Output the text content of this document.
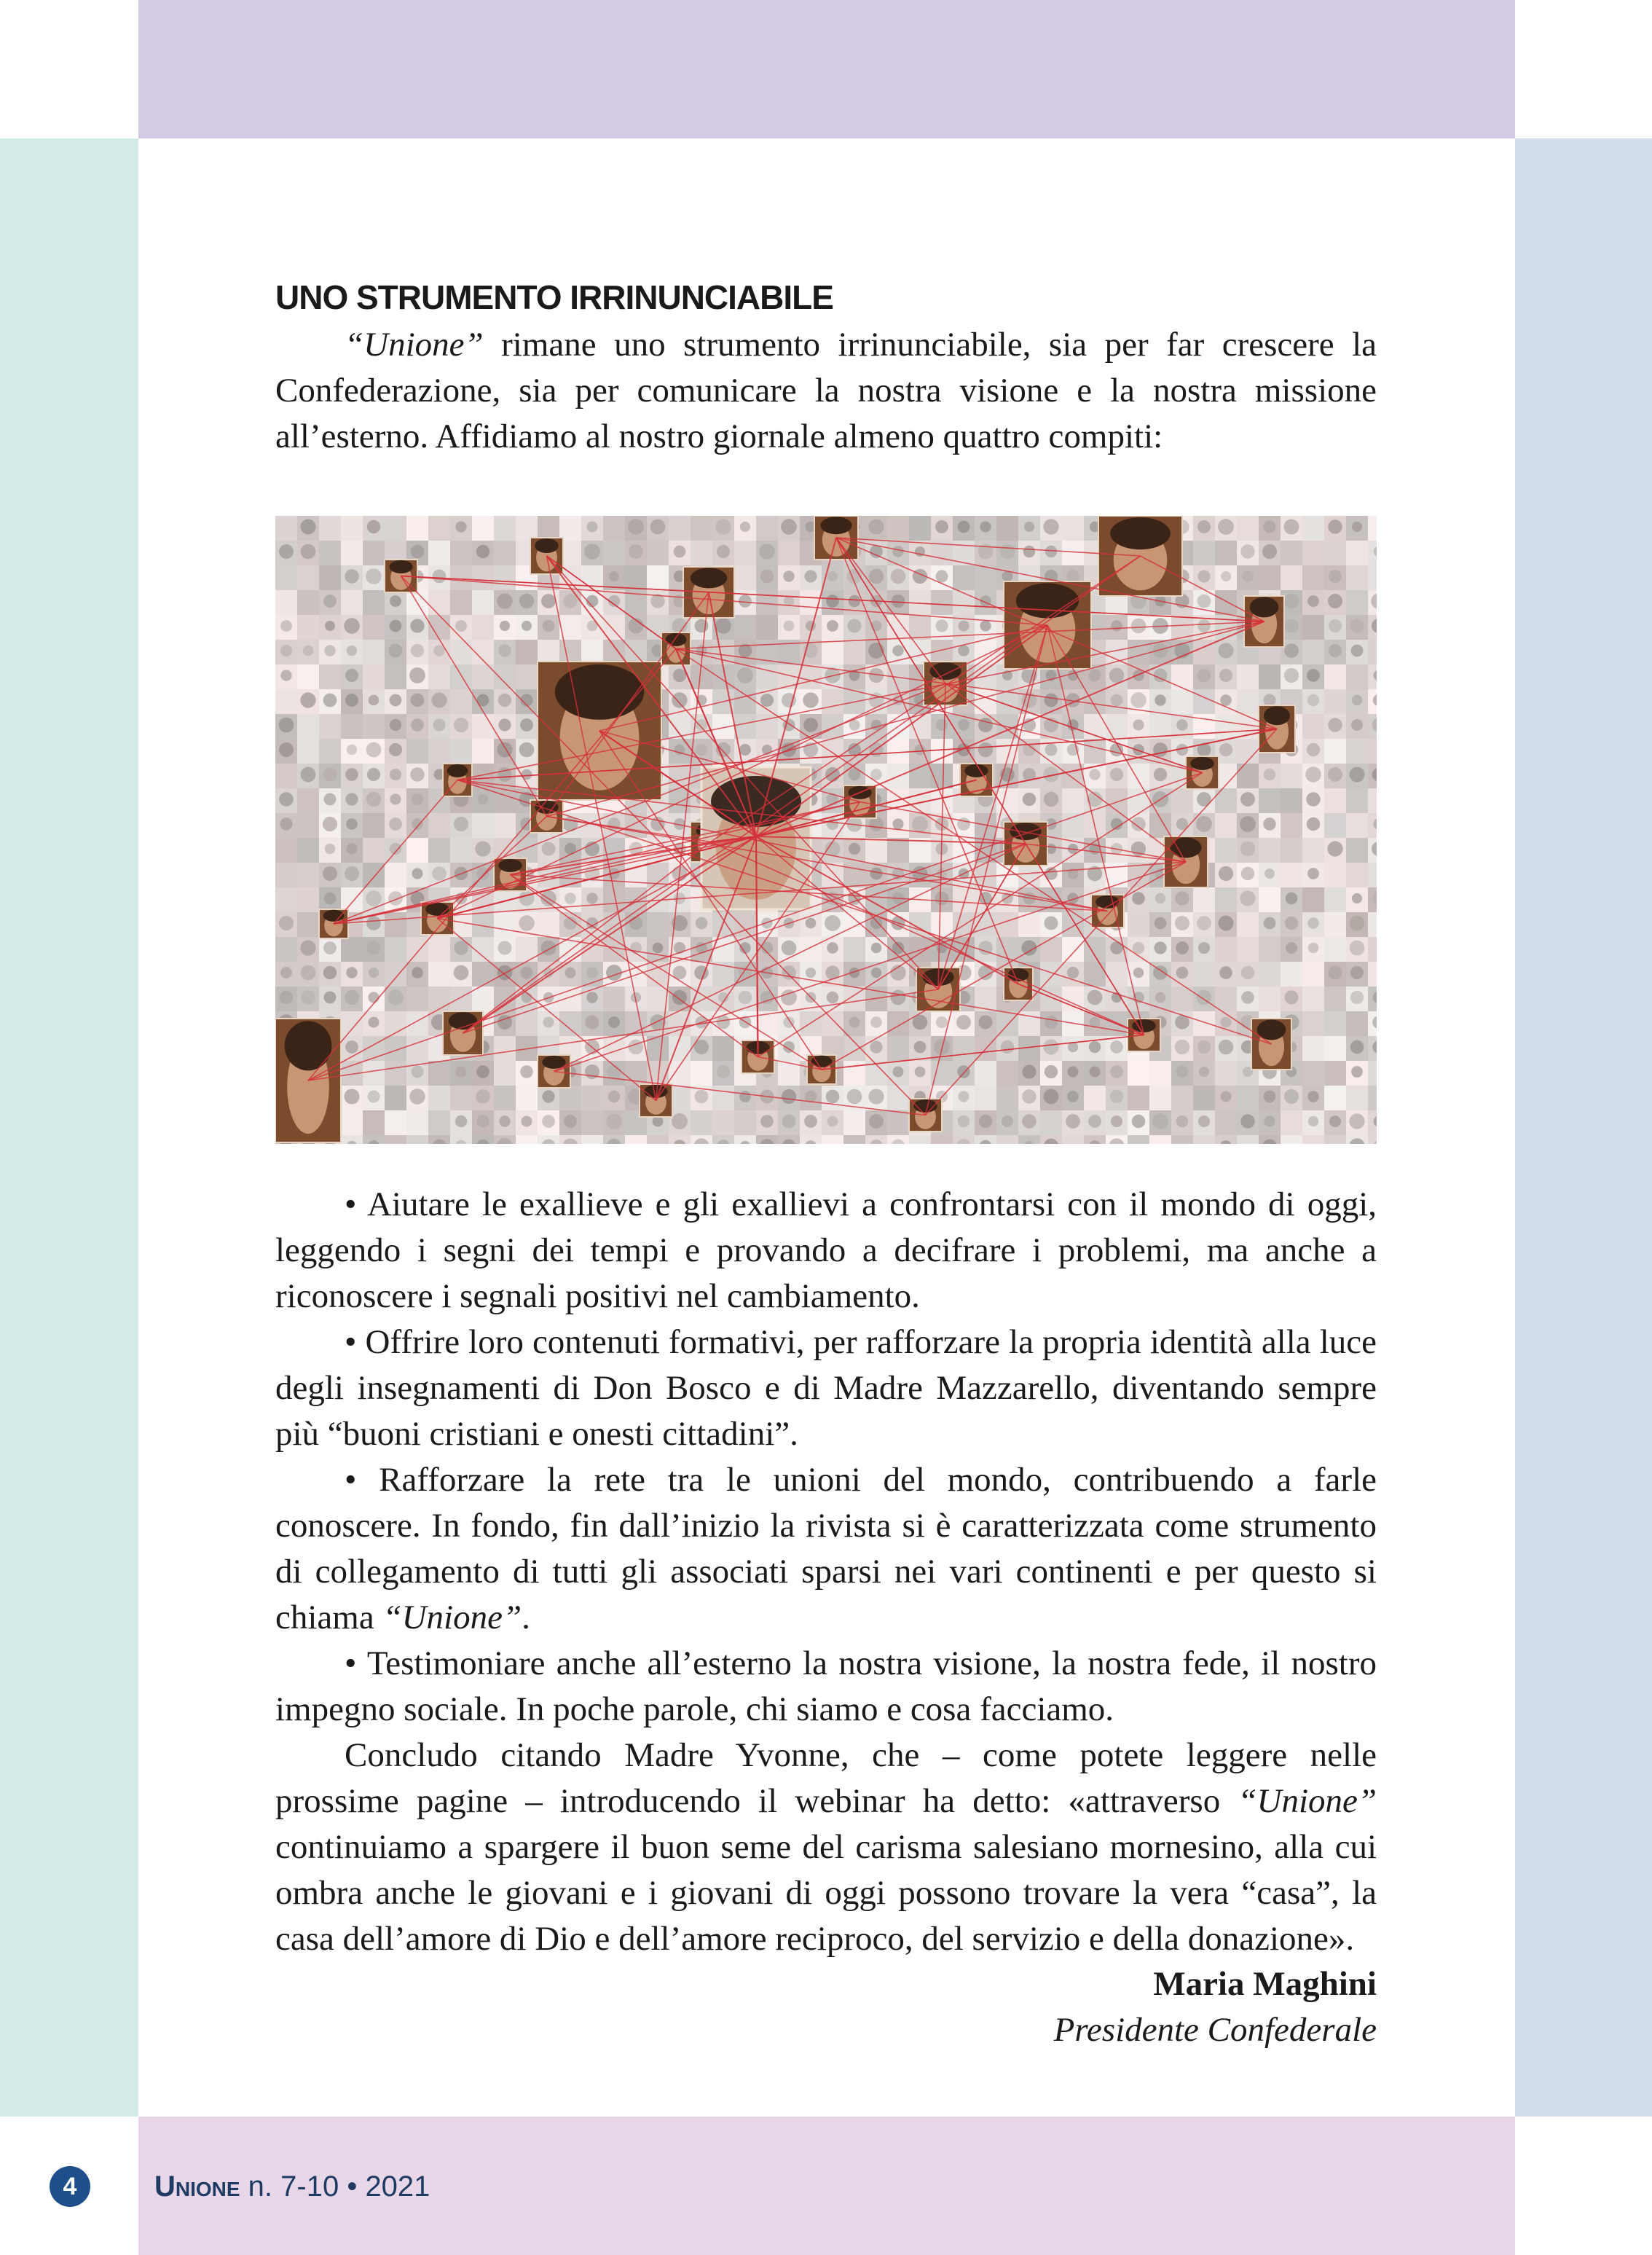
UNO STRUMENTO IRRINUNCIABILE

“Unione” rimane uno strumento irrinunciabile, sia per far crescere la Confederazione, sia per comunicare la nostra visione e la nostra missione all’esterno. Affidiamo al nostro giornale almeno quattro compiti:

• Aiutare le exallieve e gli exallievi a confrontarsi con il mondo di oggi, leggendo i segni dei tempi e provando a decifrare i problemi, ma anche a riconoscere i segnali positivi nel cambiamento.

• Offrire loro contenuti formativi, per rafforzare la propria identità alla luce degli insegnamenti di Don Bosco e di Madre Mazzarello, diventando sempre più “buoni cristiani e onesti cittadini”.

• Rafforzare la rete tra le unioni del mondo, contribuendo a farle conoscere. In fondo, fin dall’inizio la rivista si è caratterizzata come strumento di collegamento di tutti gli associati sparsi nei vari continenti e per questo si chiama “Unione”.

• Testimoniare anche all’esterno la nostra visione, la nostra fede, il nostro impegno sociale. In poche parole, chi siamo e cosa facciamo.

Concludo citando Madre Yvonne, che – come potete leggere nelle prossime pagine – introducendo il webinar ha detto: «attraverso “Unione” continuiamo a spargere il buon seme del carisma salesiano mornesino, alla cui ombra anche le giovani e i giovani di oggi possono trovare la vera “casa”, la casa dell’amore di Dio e dell’amore reciproco, del servizio e della donazione».

Maria Maghini
Presidente Confederale
4	Unione n. 7-10 • 2021
